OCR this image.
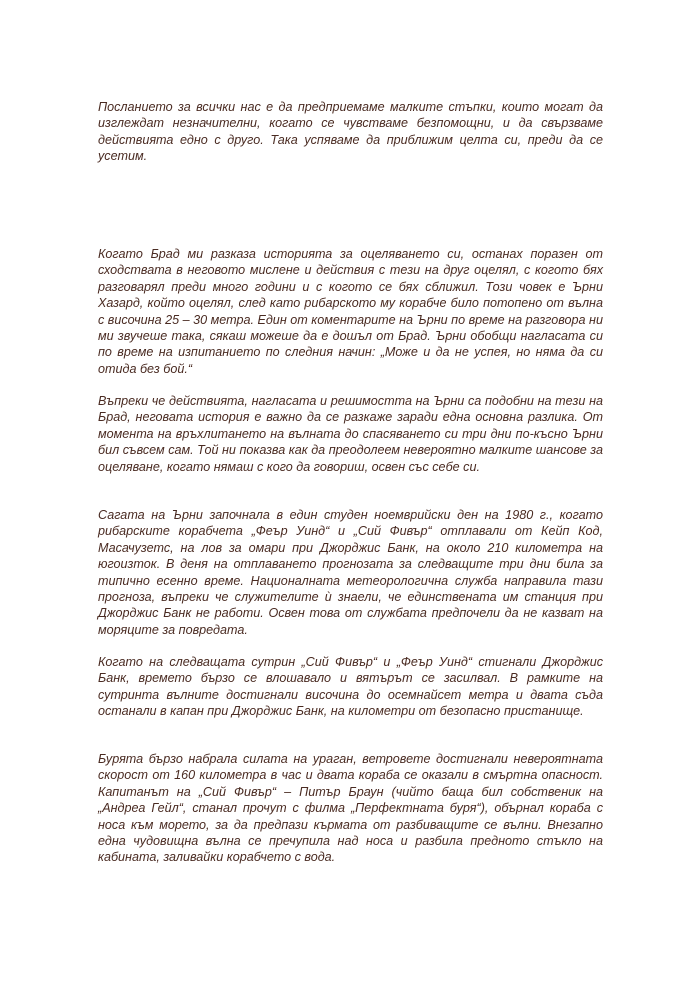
Посланието за всички нас е да предприемаме малките стъпки, които могат да изглеждат незначителни, когато се чувстваме безпомощни, и да свързваме действията едно с друго. Така успяваме да приближим целта си, преди да се усетим.

Когато Брад ми разказа историята за оцеляването си, останах поразен от сходствата в неговото мислене и действия с тези на друг оцелял, с когото бях разговарял преди много години и с когото се бях сближил. Този човек е Ърни Хазард, който оцелял, след като рибарското му корабче било потопено от вълна с височина 25 – 30 метра. Един от коментарите на Ърни по време на разговора ни ми звучеше така, сякаш можеше да е дошъл от Брад. Ърни обобщи нагласата си по време на изпитанието по следния начин: „Може и да не успея, но няма да си отида без бой.“

Въпреки че действията, нагласата и решимостта на Ърни са подобни на тези на Брад, неговата история е важно да се разкаже заради една основна разлика. От момента на връхлитането на вълната до спасяването си три дни по-късно Ърни бил съвсем сам. Той ни показва как да преодолеем невероятно малките шансове за оцеляване, когато нямаш с кого да говориш, освен със себе си.

Сагата на Ърни започнала в един студен ноемврийски ден на 1980 г., когато рибарските корабчета „Феър Уинд“ и „Сий Фивър“ отплавали от Кейп Код, Масачузетс, на лов за омари при Джорджис Банк, на около 210 километра на югоизток. В деня на отплаването прогнозата за следващите три дни била за типично есенно време. Националната метеорологична служба направила тази прогноза, въпреки че служителите ѝ знаели, че единствената им станция при Джорджис Банк не работи. Освен това от службата предпочели да не казват на моряците за повредата.

Когато на следващата сутрин „Сий Фивър“ и „Феър Уинд“ стигнали Джорджис Банк, времето бързо се влошавало и вятърът се засилвал. В рамките на сутринта вълните достигнали височина до осемнайсет метра и двата съда останали в капан при Джорджис Банк, на километри от безопасно пристанище.

Бурята бързо набрала силата на ураган, ветровете достигнали невероятната скорост от 160 километра в час и двата кораба се оказали в смъртна опасност. Капитанът на „Сий Фивър“ – Питър Браун (чийто баща бил собственик на „Андреа Гейл“, станал прочут с филма „Перфектната буря“), обърнал кораба с носа към морето, за да предпази кърмата от разбиващите се вълни. Внезапно една чудовищна вълна се пречупила над носа и разбила предното стъкло на кабината, заливайки корабчето с вода.
